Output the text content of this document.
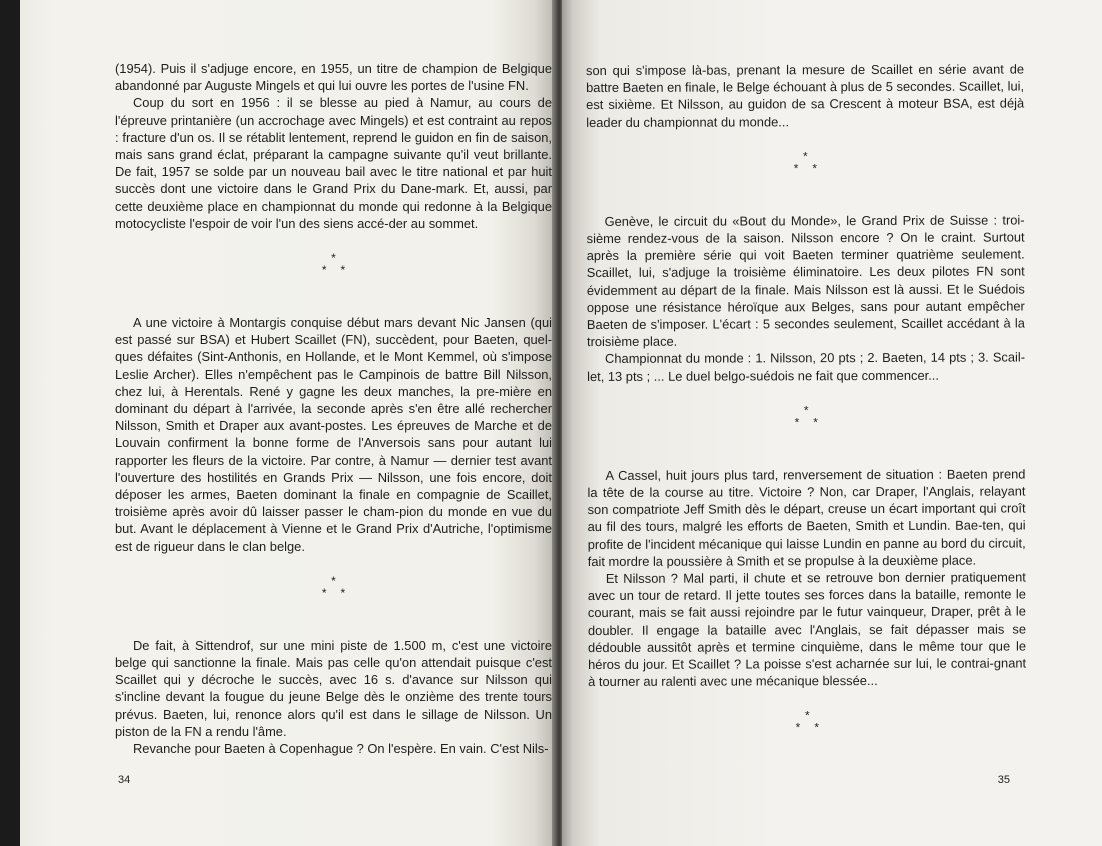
(1954). Puis il s'adjuge encore, en 1955, un titre de champion de Belgique abandonné par Auguste Mingels et qui lui ouvre les portes de l'usine FN.

Coup du sort en 1956 : il se blesse au pied à Namur, au cours de l'épreuve printanière (un accrochage avec Mingels) et est contraint au repos : fracture d'un os. Il se rétablit lentement, reprend le guidon en fin de saison, mais sans grand éclat, préparant la campagne suivante qu'il veut brillante. De fait, 1957 se solde par un nouveau bail avec le titre national et par huit succès dont une victoire dans le Grand Prix du Dane-mark. Et, aussi, par cette deuxième place en championnat du monde qui redonne à la Belgique motocycliste l'espoir de voir l'un des siens accé-der au sommet.

*
**

A une victoire à Montargis conquise début mars devant Nic Jansen (qui est passé sur BSA) et Hubert Scaillet (FN), succèdent, pour Baeten, quel-ques défaites (Sint-Anthonis, en Hollande, et le Mont Kemmel, où s'impose Leslie Archer). Elles n'empêchent pas le Campinois de battre Bill Nilsson, chez lui, à Herentals. René y gagne les deux manches, la pre-mière en dominant du départ à l'arrivée, la seconde après s'en être allé rechercher Nilsson, Smith et Draper aux avant-postes. Les épreuves de Marche et de Louvain confirment la bonne forme de l'Anversois sans pour autant lui rapporter les fleurs de la victoire. Par contre, à Namur — dernier test avant l'ouverture des hostilités en Grands Prix — Nilsson, une fois encore, doit déposer les armes, Baeten dominant la finale en compagnie de Scaillet, troisième après avoir dû laisser passer le cham-pion du monde en vue du but. Avant le déplacement à Vienne et le Grand Prix d'Autriche, l'optimisme est de rigueur dans le clan belge.

*
**

De fait, à Sittendrof, sur une mini piste de 1.500 m, c'est une victoire belge qui sanctionne la finale. Mais pas celle qu'on attendait puisque c'est Scaillet qui y décroche le succès, avec 16 s. d'avance sur Nilsson qui s'incline devant la fougue du jeune Belge dès le onzième des trente tours prévus. Baeten, lui, renonce alors qu'il est dans le sillage de Nilsson. Un piston de la FN a rendu l'âme.

Revanche pour Baeten à Copenhague ? On l'espère. En vain. C'est Nils-

34

son qui s'impose là-bas, prenant la mesure de Scaillet en série avant de battre Baeten en finale, le Belge échouant à plus de 5 secondes. Scaillet, lui, est sixième. Et Nilsson, au guidon de sa Crescent à moteur BSA, est déjà leader du championnat du monde...

*
**

Genève, le circuit du «Bout du Monde», le Grand Prix de Suisse : troi-sième rendez-vous de la saison. Nilsson encore ? On le craint. Surtout après la première série qui voit Baeten terminer quatrième seulement. Scaillet, lui, s'adjuge la troisième éliminatoire. Les deux pilotes FN sont évidemment au départ de la finale. Mais Nilsson est là aussi. Et le Suédois oppose une résistance héroïque aux Belges, sans pour autant empêcher Baeten de s'imposer. L'écart : 5 secondes seulement, Scaillet accédant à la troisième place.

Championnat du monde : 1. Nilsson, 20 pts ; 2. Baeten, 14 pts ; 3. Scail-let, 13 pts ; ... Le duel belgo-suédois ne fait que commencer...

*
**

A Cassel, huit jours plus tard, renversement de situation : Baeten prend la tête de la course au titre. Victoire ? Non, car Draper, l'Anglais, relayant son compatriote Jeff Smith dès le départ, creuse un écart important qui croît au fil des tours, malgré les efforts de Baeten, Smith et Lundin. Bae-ten, qui profite de l'incident mécanique qui laisse Lundin en panne au bord du circuit, fait mordre la poussière à Smith et se propulse à la deuxième place.

Et Nilsson ? Mal parti, il chute et se retrouve bon dernier pratiquement avec un tour de retard. Il jette toutes ses forces dans la bataille, remonte le courant, mais se fait aussi rejoindre par le futur vainqueur, Draper, prêt à le doubler. Il engage la bataille avec l'Anglais, se fait dépasser mais se dédouble aussitôt après et termine cinquième, dans le même tour que le héros du jour. Et Scaillet ? La poisse s'est acharnée sur lui, le contrai-gnant à tourner au ralenti avec une mécanique blessée...

*
**
35
